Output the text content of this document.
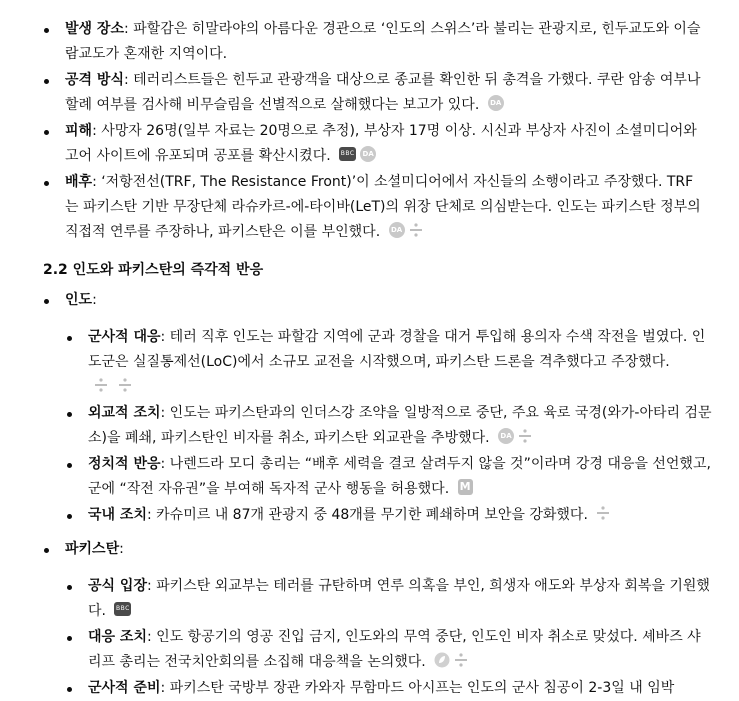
발생 장소: 파할감은 히말라야의 아름다운 경관으로 ‘인도의 스위스’라 불리는 관광지로, 힌두교도와 이슬람교도가 혼재한 지역이다.
공격 방식: 테러리스트들은 힌두교 관광객을 대상으로 종교를 확인한 뒤 총격을 가했다. 쿠란 암송 여부나 할례 여부를 검사해 비무슬림을 선별적으로 살해했다는 보고가 있다. DA
피해: 사망자 26명(일부 자료는 20명으로 추정), 부상자 17명 이상. 시신과 부상자 사진이 소셜미디어와 고어 사이트에 유포되며 공포를 확산시켰다. BBC DA
배후: ‘저항전선(TRF, The Resistance Front)’이 소셜미디어에서 자신들의 소행이라고 주장했다. TRF는 파키스탄 기반 무장단체 라슈카르-에-타이바(LeT)의 위장 단체로 의심받는다. 인도는 파키스탄 정부의 직접적 연루를 주장하나, 파키스탄은 이를 부인했다. DA
2.2 인도와 파키스탄의 즉각적 반응
인도:
군사적 대응: 테러 직후 인도는 파할감 지역에 군과 경찰을 대거 투입해 용의자 수색 작전을 벌였다. 인도군은 실질통제선(LoC)에서 소규모 교전을 시작했으며, 파키스탄 드론을 격추했다고 주장했다.

외교적 조치: 인도는 파키스탄과의 인더스강 조약을 일방적으로 중단, 주요 육로 국경(와가-아타리 검문소)을 폐쇄, 파키스탄인 비자를 취소, 파키스탄 외교관을 추방했다. DA
정치적 반응: 나렌드라 모디 총리는 “배후 세력을 결코 살려두지 않을 것”이라며 강경 대응을 선언했고, 군에 “작전 자유권”을 부여해 독자적 군사 행동을 허용했다. M
국내 조치: 카슈미르 내 87개 관광지 중 48개를 무기한 폐쇄하며 보안을 강화했다.
파키스탄:
공식 입장: 파키스탄 외교부는 테러를 규탄하며 연루 의혹을 부인, 희생자 애도와 부상자 회복을 기원했다. BBC
대응 조치: 인도 항공기의 영공 진입 금지, 인도와의 무역 중단, 인도인 비자 취소로 맞섰다. 셰바즈 샤리프 총리는 전국치안회의를 소집해 대응책을 논의했다.
군사적 준비: 파키스탄 국방부 장관 카와자 무함마드 아시프는 인도의 군사 침공이 2-3일 내 임박
